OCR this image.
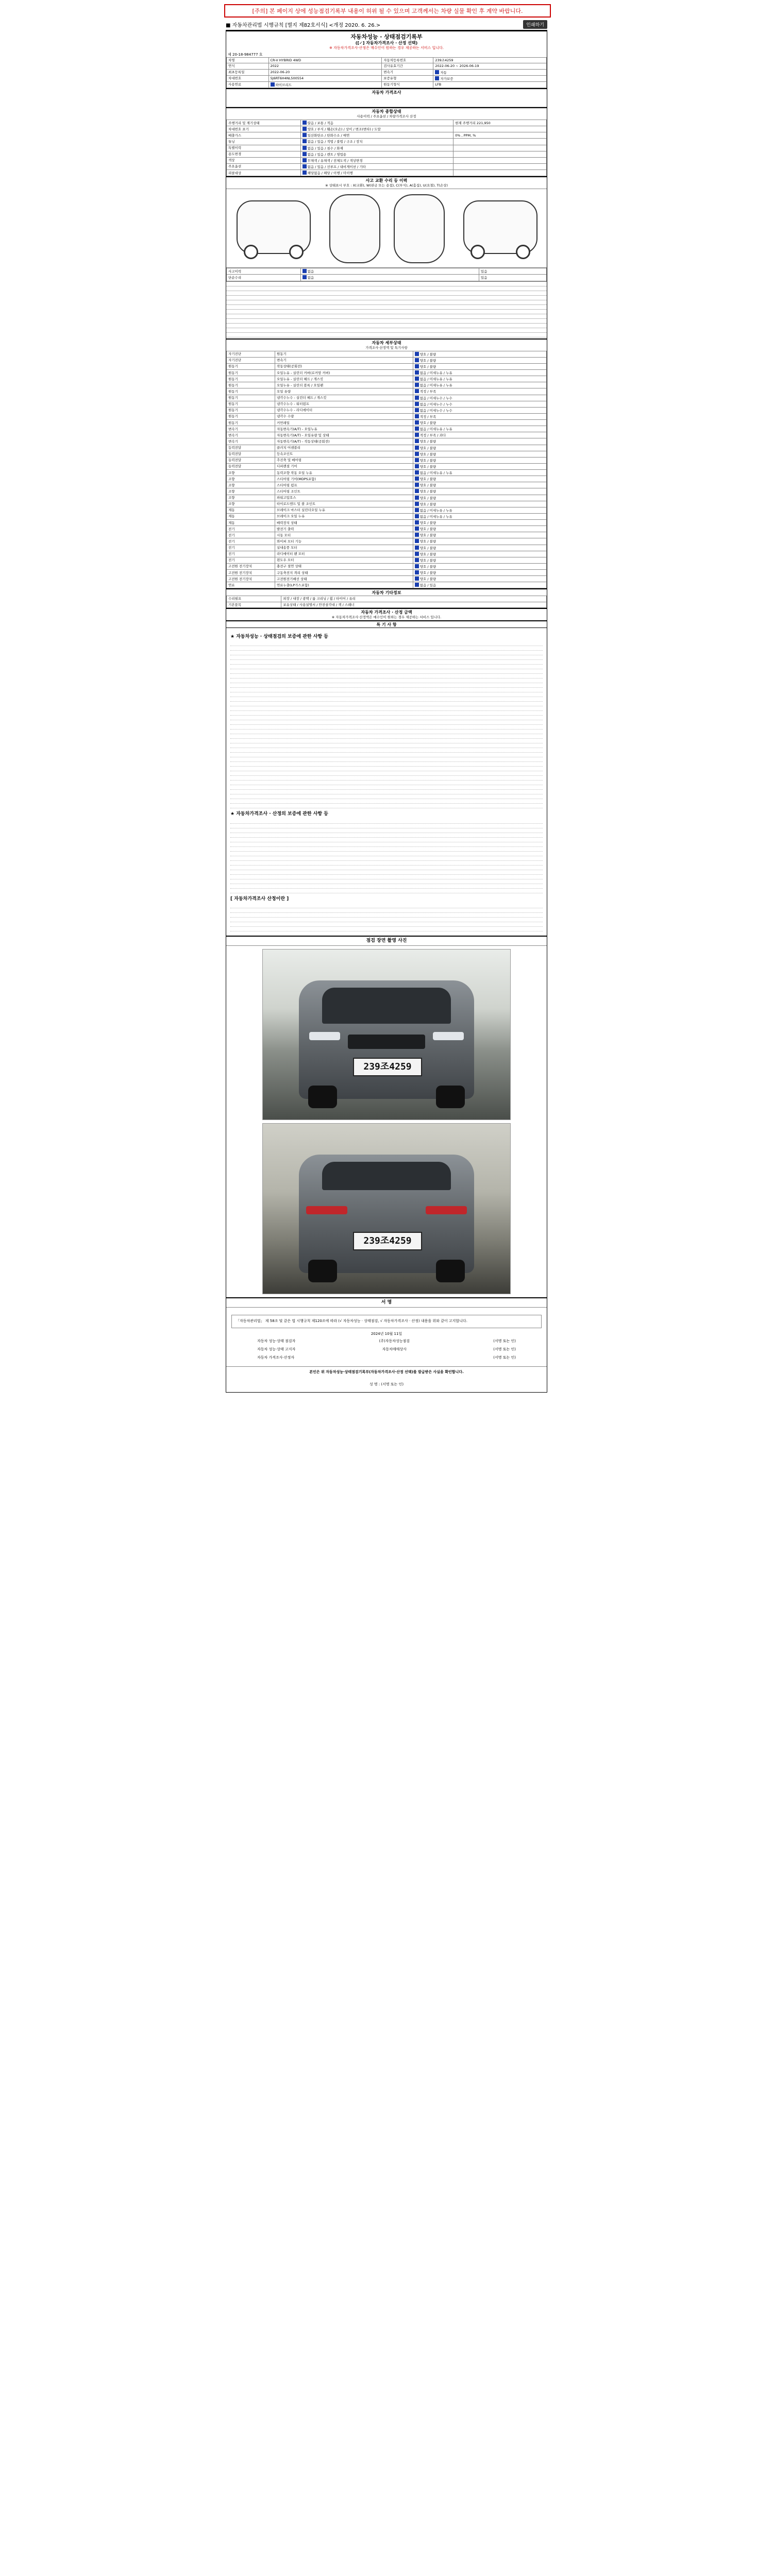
[주의] 본 페이지 상에 성능점검기록부 내용이 허위 될 수 있으며 고객께서는 차량 실물 확인 후 계약 바랍니다.
■ 자동차관리법 시행규칙 [별지 제82호서식] <개정 2020. 6. 26.>	인쇄하기
자동차성능 · 상태점검기록부
([✓] 자동차가격조사 · 산정 선택)
※ 자동차가격조사·산정은 매수인이 원하는 경우 제공하는 서비스 입니다.
제 20-18-984777 호
차명	CR-V HYBRID 4WD	자동차등록번호	239조4259
연식	2022	검사유효기간	2022-06-20 ~ 2026-06-19
최초등록일	2022-06-20	변속기	자동
차대번호	5J6RT6H4NL500554	보증유형	자가보증
사용연료	하이브리드	원동기형식	LFB
자동차 가격조사
자동차 종합상태
사용이력 / 주요옵션 / 차량가격조사 산정
주행거리 및 계기상태	많음 / 보통 / 적음	현재 주행거리 221,950
차대번호 표기	양호 / 부식 / 훼손(오손) / 상이 / 변조(변타) / 도말	
배출가스	일산화탄소 / 탄화수소 / 매연	0% , PPM, %
튜닝	없음 / 있음 / 적법 / 불법 / 구조 / 장치	
특별이력	없음 / 있음 / 침수 / 화재	
용도변경	없음 / 있음 / 렌트 / 영업용	
색상	무채색 / 유채색 / 전체도색 / 색상변경	
주요옵션	없음 / 있음 / 선루프 / 내비게이션 / 기타	
리콜대상	해당없음 / 해당 / 이행 / 미이행	
사고 교환 수리 등 이력
※ 상태표시 부호 : X(교환), W(판금 또는 용접), C(부식), A(흠집), U(요철), T(손상)
사고이력	없음	있음
단순수리	없음	있음
자동차 세부상태
가격조사·산정액 및 특기사항
자기진단	원동기	양호 / 불량
자기진단	변속기	양호 / 불량
원동기	작동상태(공회전)	양호 / 불량
원동기	오일누유 - 실린더 커버(로커암 커버)	없음 / 미세누유 / 누유
원동기	오일누유 - 실린더 헤드 / 개스킷	없음 / 미세누유 / 누유
원동기	오일누유 - 실린더 블록 / 오일팬	없음 / 미세누유 / 누유
원동기	오일 유량	적정 / 부족
원동기	냉각수누수 - 실린더 헤드 / 개스킷	없음 / 미세누수 / 누수
원동기	냉각수누수 - 워터펌프	없음 / 미세누수 / 누수
원동기	냉각수누수 - 라디에이터	없음 / 미세누수 / 누수
원동기	냉각수 수량	적정 / 부족
원동기	커먼레일	양호 / 불량
변속기	자동변속기(A/T) - 오일누유	없음 / 미세누유 / 누유
변속기	자동변속기(A/T) - 오일유량 및 상태	적정 / 부족 / 과다
변속기	자동변속기(A/T) - 작동상태(공회전)	양호 / 불량
동력전달	클러치 어셈블리	양호 / 불량
동력전달	등속조인트	양호 / 불량
동력전달	추진축 및 베어링	양호 / 불량
동력전달	디퍼렌셜 기어	양호 / 불량
조향	동력조향 작동 오일 누유	없음 / 미세누유 / 누유
조향	스티어링 기어(MDPS포함)	양호 / 불량
조향	스티어링 펌프	양호 / 불량
조향	스티어링 조인트	양호 / 불량
조향	파워고압호스	양호 / 불량
조향	타이로드엔드 및 볼 조인트	양호 / 불량
제동	브레이크 마스터 실린더오일 누유	없음 / 미세누유 / 누유
제동	브레이크 오일 누유	없음 / 미세누유 / 누유
제동	배력장치 상태	양호 / 불량
전기	발전기 출력	양호 / 불량
전기	시동 모터	양호 / 불량
전기	와이퍼 모터 기능	양호 / 불량
전기	실내송풍 모터	양호 / 불량
전기	라디에이터 팬 모터	양호 / 불량
전기	윈도우 모터	양호 / 불량
고전원 전기장치	충전구 절연 상태	양호 / 불량
고전원 전기장치	구동축전지 격리 상태	양호 / 불량
고전원 전기장치	고전원전기배선 상태	양호 / 불량
연료	연료누출(LP가스포함)	없음 / 있음
자동차 기타정보
수리필요	외장 / 내장 / 광택 / 룸 크리닝 / 휠 / 타이어 / 유리
기본품목	보유상태 / 사용설명서 / 안전삼각대 / 잭 / 스패너
자동차 가격조사 · 산정 금액
※ 자동차가격조사·산정액은 매수인이 원하는 경우 제공하는 서비스 입니다.
특 기 사 항
★ 자동차성능 · 상태점검의 보증에 관한 사항 등
★ 자동차가격조사 · 산정의 보증에 관한 사항 등
[ 자동차가격조사 산정이란 ]
점검 장면 촬영 사진
239조4259
239조4259
서 명
「자동차관리법」 제 58조 및 같은 법 시행규칙 제120조에 따라 (√ 자동차성능 · 상태점검, √ 자동차가격조사 · 산정) 내용을 위와 같이 고지합니다.
2024년 10월 11일
자동차 성능·상태 점검자	(주)자동차성능점검	(서명 또는 인)
자동차 성능·상태 고지자	자동차매매상사	(서명 또는 인)
자동차 가격조사·산정자	(서명 또는 인)
본인은 위 자동차성능·상태점검기록부(자동차가격조사·산정 선택)를 발급받은 사실을 확인합니다.
성 명 : (서명 또는 인)
